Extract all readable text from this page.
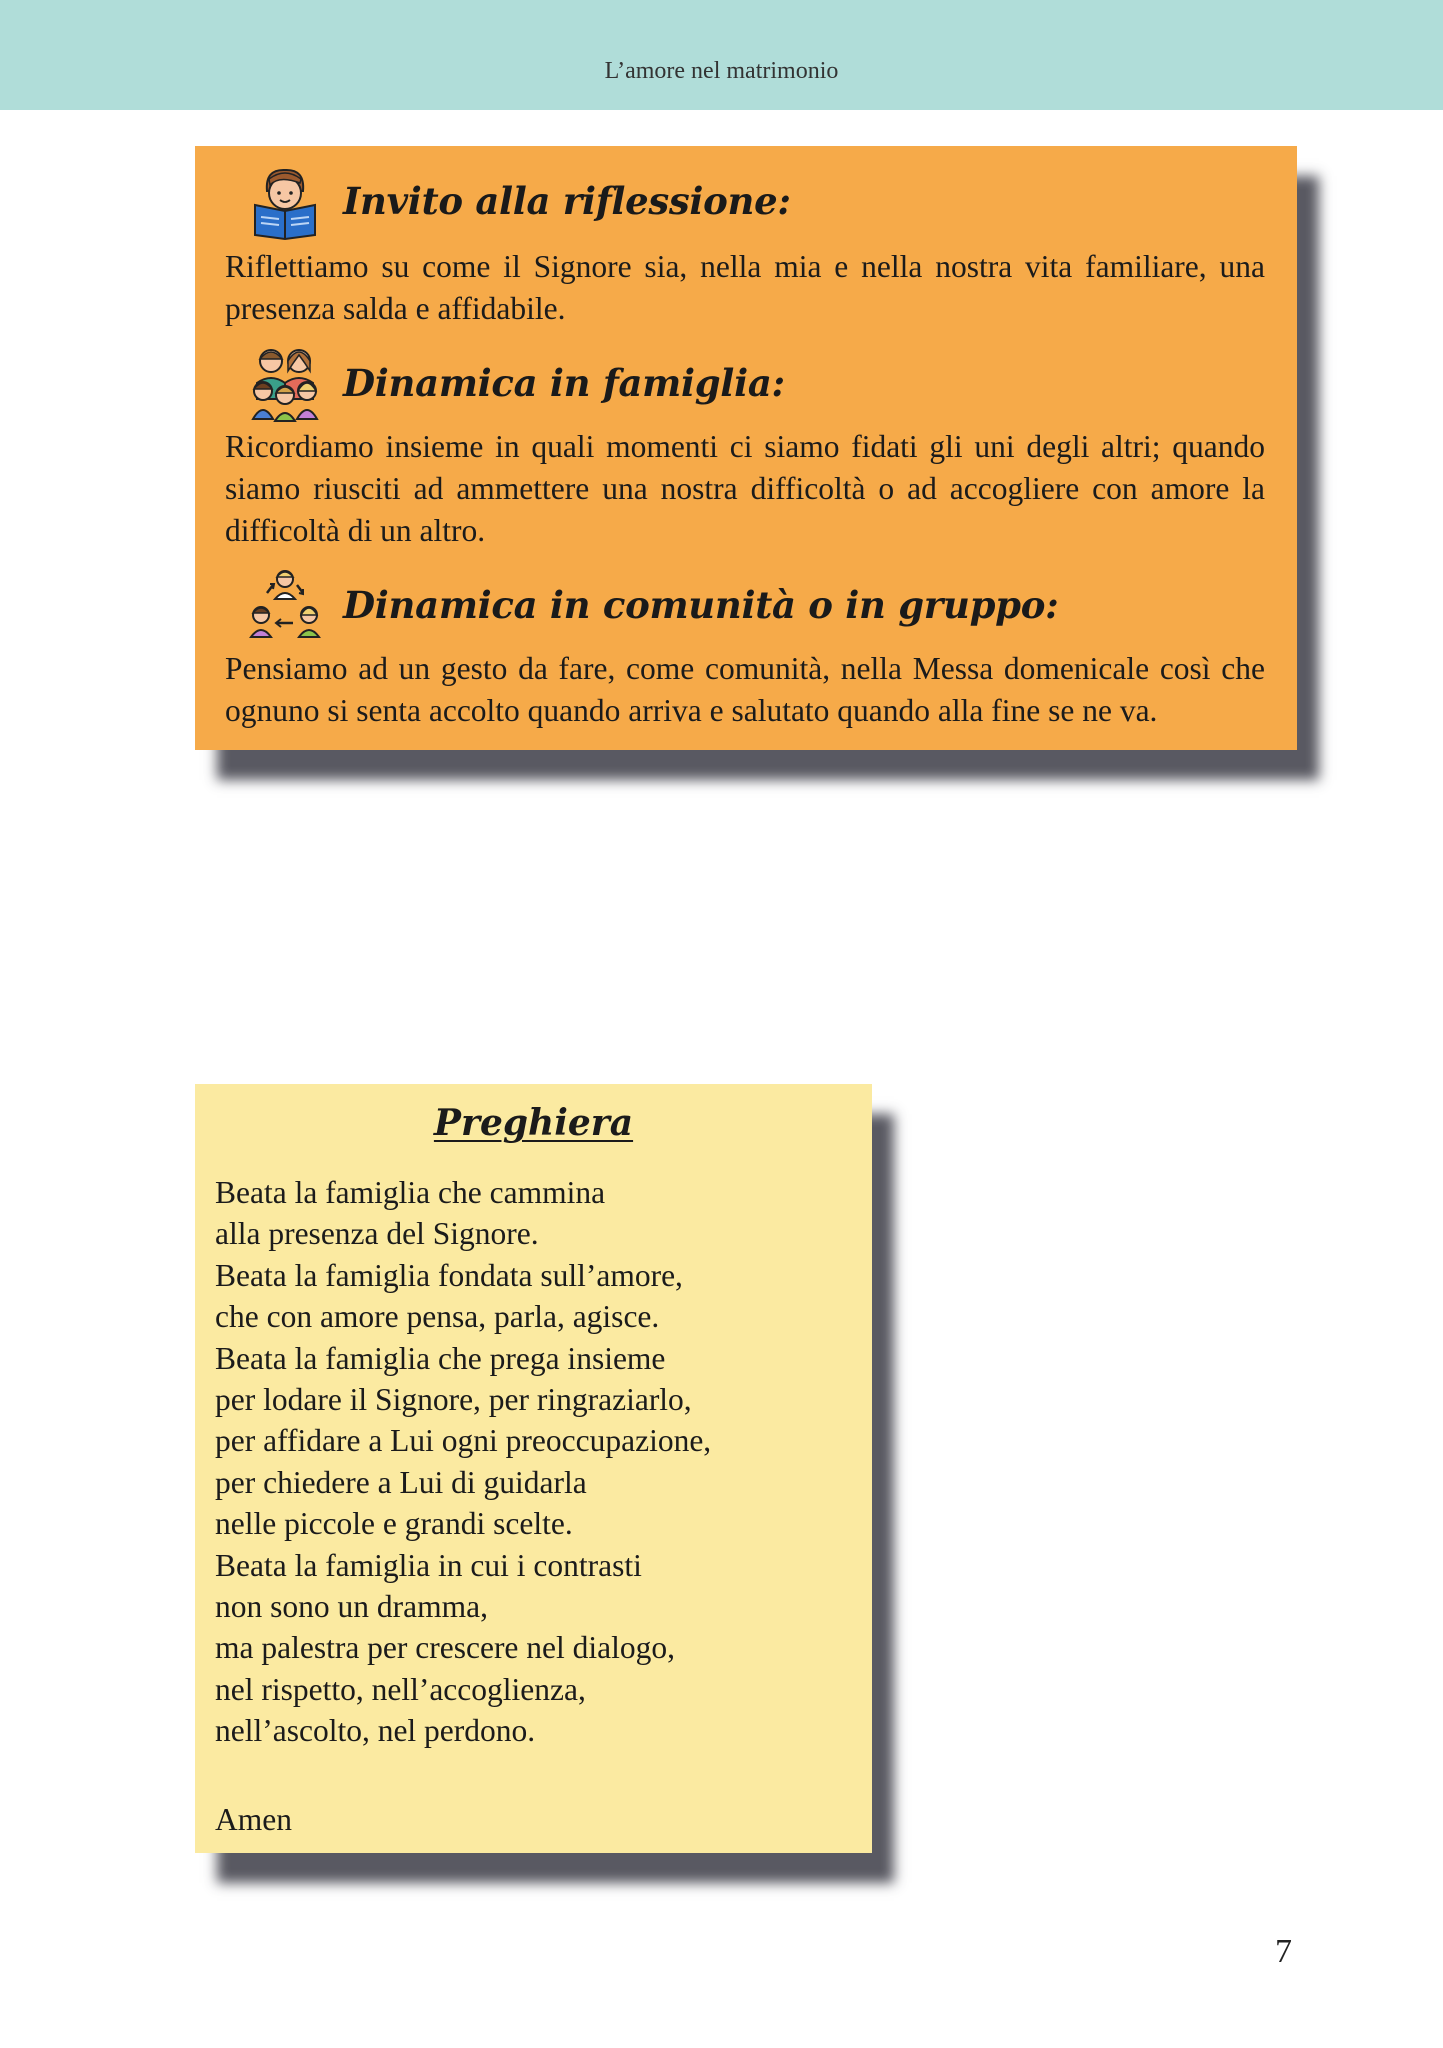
L’amore nel matrimonio
Invito alla riflessione:
Riflettiamo su come il Signore sia, nella mia e nella nostra vita familiare, una presenza salda e affidabile.
Dinamica in famiglia:
Ricordiamo insieme in quali momenti ci siamo fidati gli uni degli altri; quando siamo riusciti ad ammettere una nostra difficoltà o ad accogliere con amore la difficoltà di un altro.
Dinamica in comunità o in gruppo:
Pensiamo ad un gesto da fare, come comunità, nella Messa domenicale così che ognuno si senta accolto quando arriva e salutato quando alla fine se ne va.
Preghiera
Beata la famiglia che cammina
alla presenza del Signore.
Beata la famiglia fondata sull’amore,
che con amore pensa, parla, agisce.
Beata la famiglia che prega insieme
per lodare il Signore, per ringraziarlo,
per affidare a Lui ogni preoccupazione,
per chiedere a Lui di guidarla
nelle piccole e grandi scelte.
Beata la famiglia in cui i contrasti
non sono un dramma,
ma palestra per crescere nel dialogo,
nel rispetto, nell’accoglienza,
nell’ascolto, nel perdono.
Amen
7
